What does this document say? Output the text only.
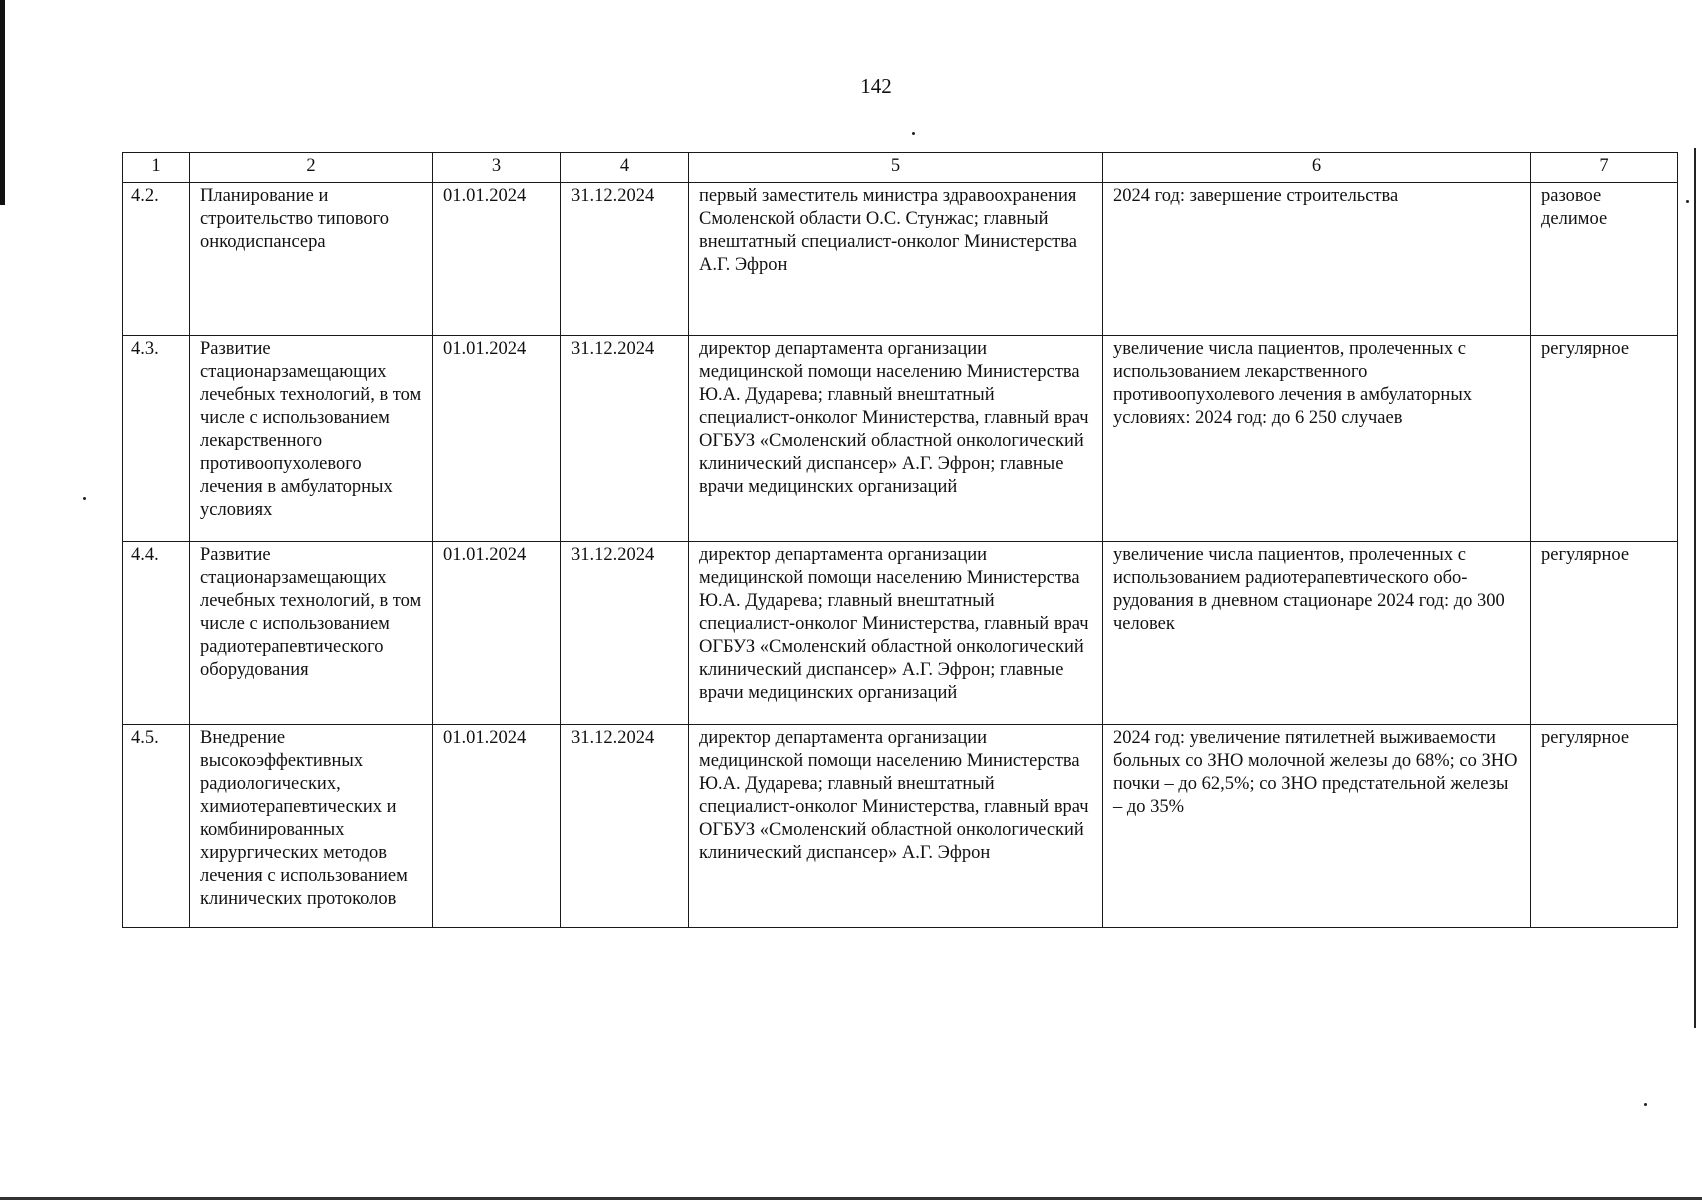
142
1	2	3	4	5	6	7
4.2.	Планирование и строительство типового онкодиспансера	01.01.2024	31.12.2024	первый заместитель министра здравоохранения Смоленской области О.С. Стунжас; главный внештатный специалист-онколог Министерства А.Г. Эфрон	2024 год: завершение строительства	разовое делимое
4.3.	Развитие стационарзамещающих лечебных технологий, в том числе с использованием лекарственного противоопухолевого лечения в амбулаторных условиях	01.01.2024	31.12.2024	директор департамента организации медицинской помощи населению Министерства Ю.А. Дударева; главный внештатный специалист-онколог Министерства, главный врач ОГБУЗ «Смоленский областной онкологический клинический диспансер» А.Г. Эфрон; главные врачи медицинских организаций	увеличение числа пациентов, пролеченных с использованием лекарственного противоопухолевого лечения в амбулаторных условиях: 2024 год: до 6 250 случаев	регулярное
4.4.	Развитие стационарзамещающих лечебных технологий, в том числе с использованием радиотерапевтического оборудования	01.01.2024	31.12.2024	директор департамента организации медицинской помощи населению Министерства Ю.А. Дударева; главный внештатный специалист-онколог Министерства, главный врач ОГБУЗ «Смоленский областной онкологический клинический диспансер» А.Г. Эфрон; главные врачи медицинских организаций	увеличение числа пациентов, пролеченных с использованием радиотерапевтического обо-рудования в дневном стационаре 2024 год: до 300 человек	регулярное
4.5.	Внедрение высокоэффективных радиологических, химиотерапевтических и комбинированных хирургических методов лечения с использованием клинических протоколов	01.01.2024	31.12.2024	директор департамента организации медицинской помощи населению Министерства Ю.А. Дударева; главный внештатный специалист-онколог Министерства, главный врач ОГБУЗ «Смоленский областной онкологический клинический диспансер» А.Г. Эфрон	2024 год: увеличение пятилетней выживаемости больных со ЗНО молочной железы до 68%; со ЗНО почки – до 62,5%; со ЗНО предстательной железы – до 35%	регулярное
